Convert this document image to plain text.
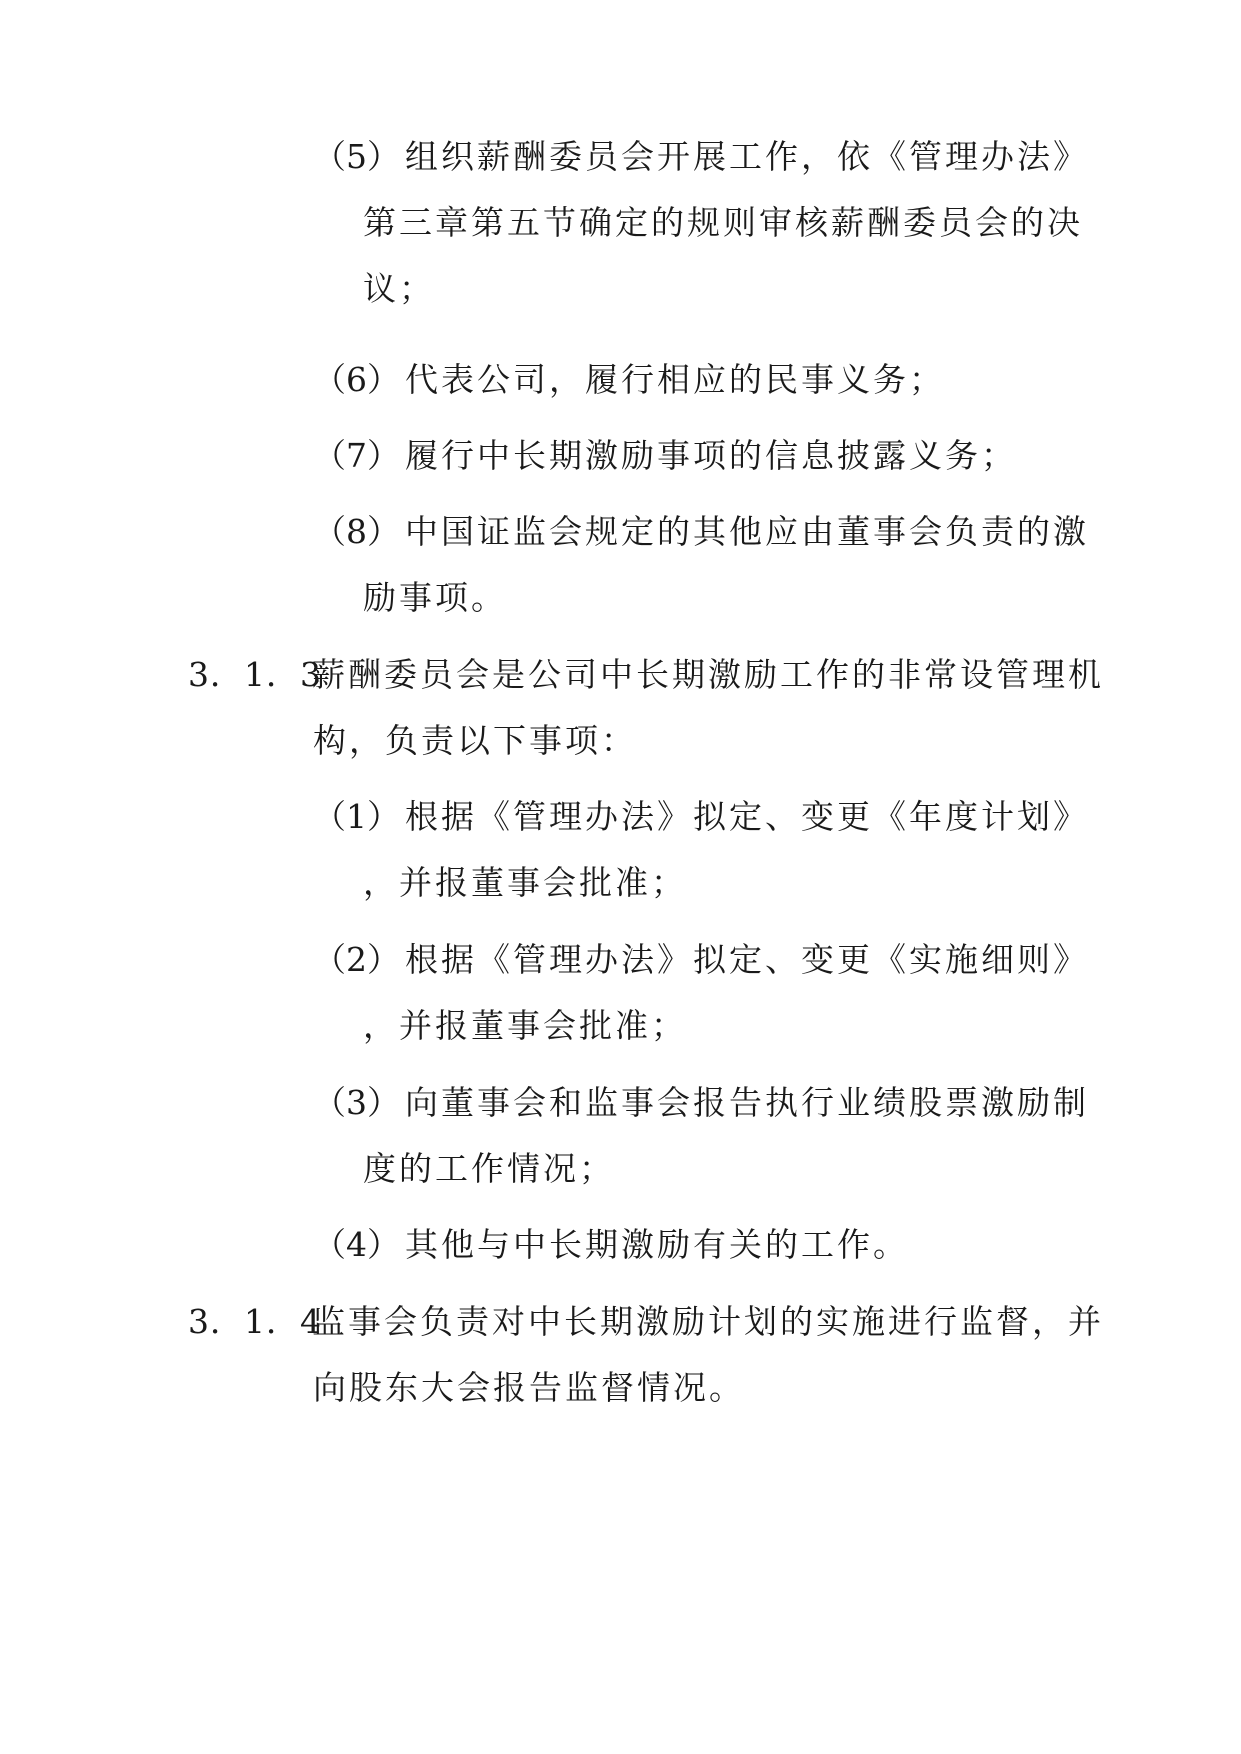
（5） 组织薪酬委员会开展工作，依《管理办法》
第三章第五节确定的规则审核薪酬委员会的决
议；
（6） 代表公司，履行相应的民事义务；
（7） 履行中长期激励事项的信息披露义务；
（8） 中国证监会规定的其他应由董事会负责的激
励事项。
3．1．3
薪酬委员会是公司中长期激励工作的非常设管理机
构，负责以下事项：
（1） 根据《管理办法》拟定、变更《年度计划》
，并报董事会批准；
（2） 根据《管理办法》拟定、变更《实施细则》
，并报董事会批准；
（3） 向董事会和监事会报告执行业绩股票激励制
度的工作情况；
（4） 其他与中长期激励有关的工作。
3．1．4
监事会负责对中长期激励计划的实施进行监督，并
向股东大会报告监督情况。
